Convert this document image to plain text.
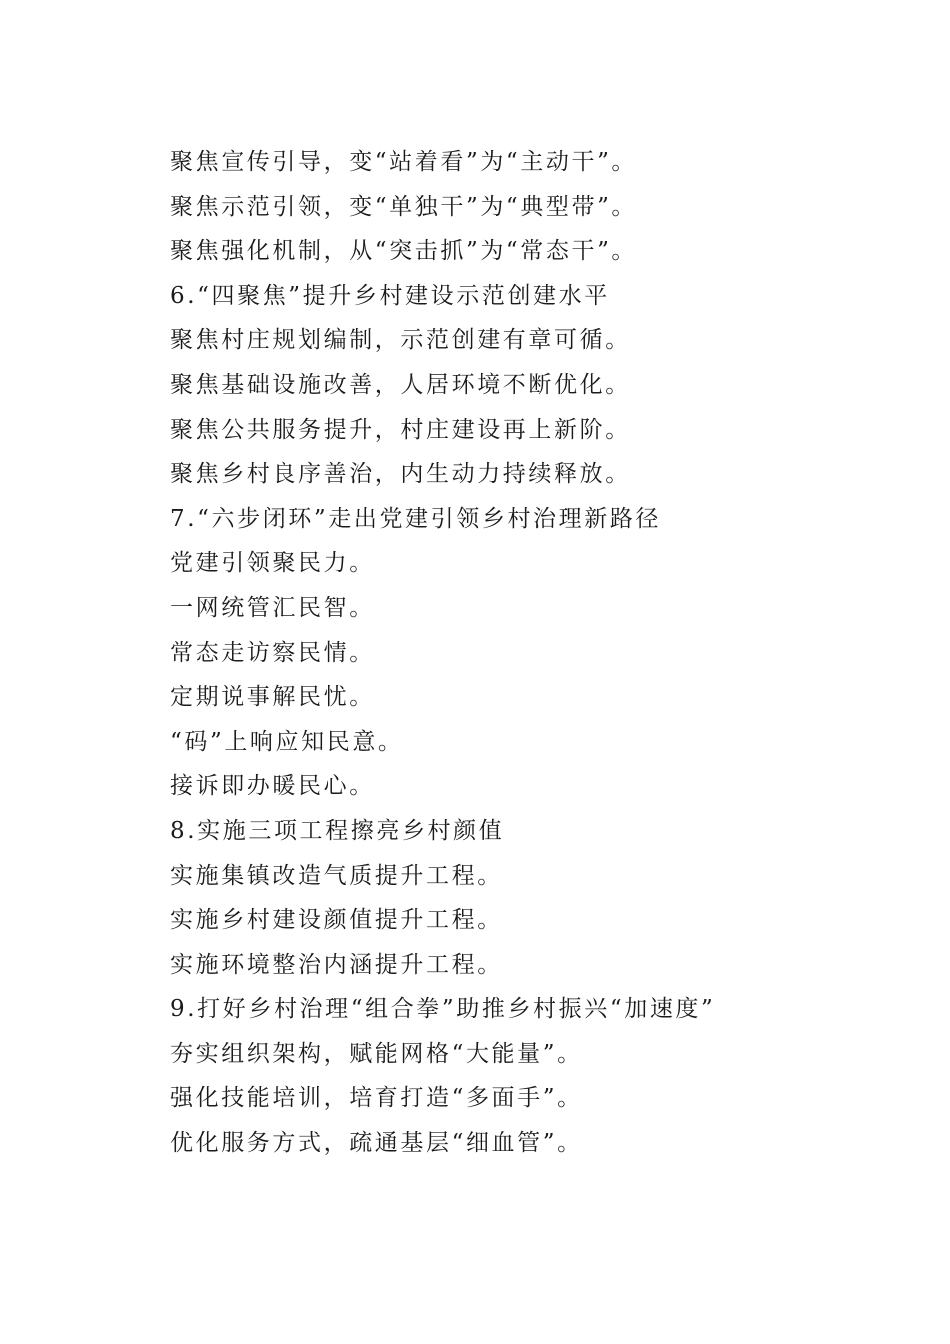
聚焦宣传引导，变“站着看”为“主动干”。
聚焦示范引领，变“单独干”为“典型带”。
聚焦强化机制，从“突击抓”为“常态干”。
6.“四聚焦”提升乡村建设示范创建水平
聚焦村庄规划编制，示范创建有章可循。
聚焦基础设施改善，人居环境不断优化。
聚焦公共服务提升，村庄建设再上新阶。
聚焦乡村良序善治，内生动力持续释放。
7.“六步闭环”走出党建引领乡村治理新路径
党建引领聚民力。
一网统管汇民智。
常态走访察民情。
定期说事解民忧。
“码”上响应知民意。
接诉即办暖民心。
8.实施三项工程擦亮乡村颜值
实施集镇改造气质提升工程。
实施乡村建设颜值提升工程。
实施环境整治内涵提升工程。
9.打好乡村治理“组合拳”助推乡村振兴“加速度”
夯实组织架构，赋能网格“大能量”。
强化技能培训，培育打造“多面手”。
优化服务方式，疏通基层“细血管”。
